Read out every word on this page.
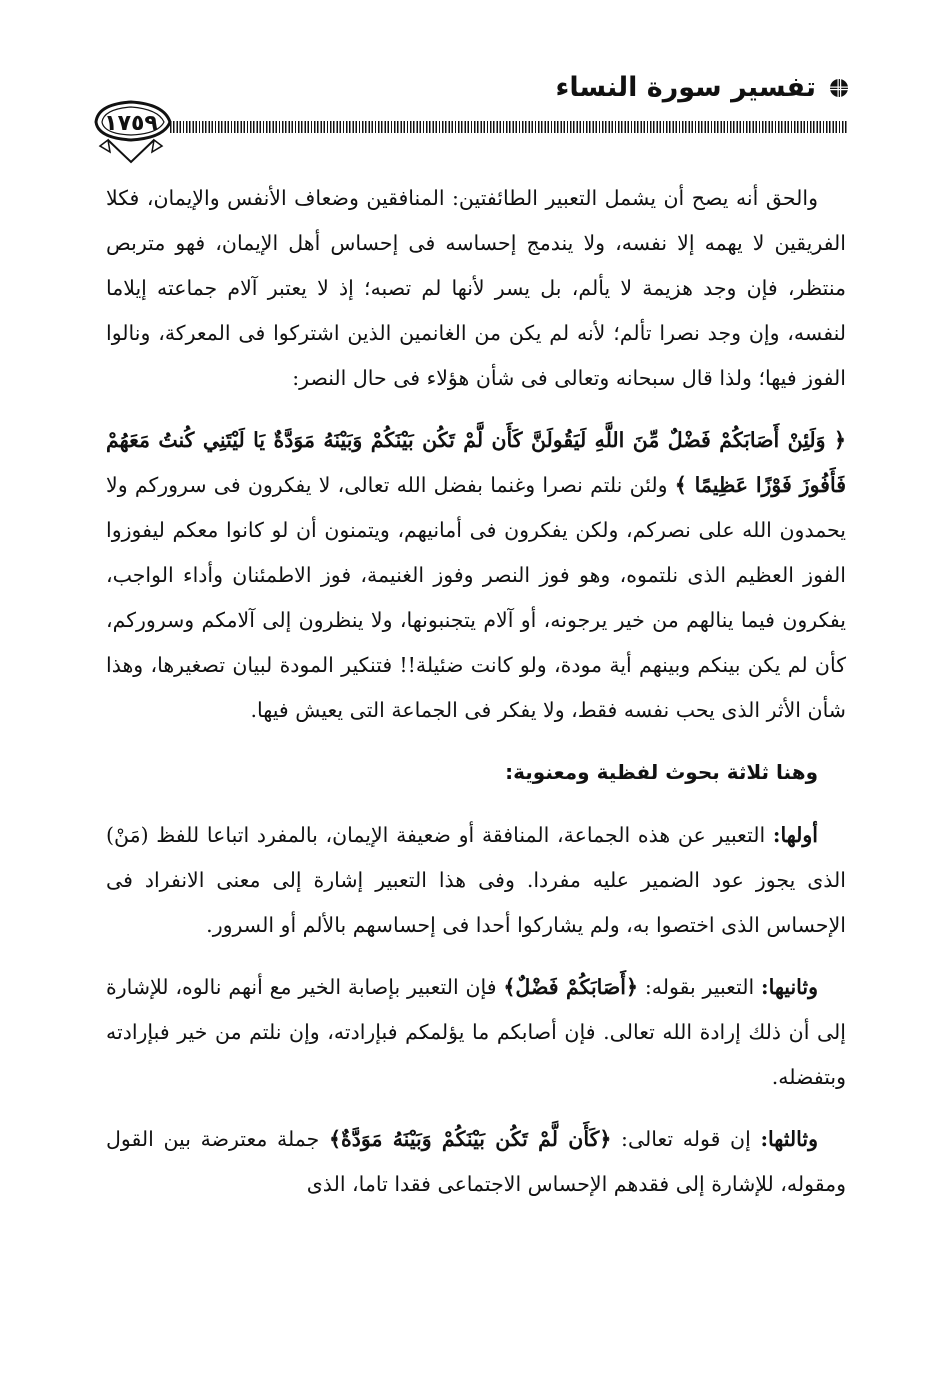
تفسير سورة النساء
١٧٥٩

والحق أنه يصح أن يشمل التعبير الطائفتين: المنافقين وضعاف الأنفس والإيمان، فكلا الفريقين لا يهمه إلا نفسه، ولا يندمج إحساسه فى إحساس أهل الإيمان، فهو متربص منتظر، فإن وجد هزيمة لا يألم، بل يسر لأنها لم تصبه؛ إذ لا يعتبر آلام جماعته إيلاما لنفسه، وإن وجد نصرا تألم؛ لأنه لم يكن من الغانمين الذين اشتركوا فى المعركة، ونالوا الفوز فيها؛ ولذا قال سبحانه وتعالى فى شأن هؤلاء فى حال النصر:

﴿ وَلَئِنْ أَصَابَكُمْ فَضْلٌ مِّنَ اللَّهِ لَيَقُولَنَّ كَأَن لَّمْ تَكُن بَيْنَكُمْ وَبَيْنَهُ مَوَدَّةٌ يَا لَيْتَنِي كُنتُ مَعَهُمْ فَأَفُوزَ فَوْزًا عَظِيمًا ﴾ ولئن نلتم نصرا وغنما بفضل الله تعالى، لا يفكرون فى سروركم ولا يحمدون الله على نصركم، ولكن يفكرون فى أمانيهم، ويتمنون أن لو كانوا معكم ليفوزوا الفوز العظيم الذى نلتموه، وهو فوز النصر وفوز الغنيمة، فوز الاطمئنان وأداء الواجب، يفكرون فيما ينالهم من خير يرجونه، أو آلام يتجنبونها، ولا ينظرون إلى آلامكم وسروركم، كأن لم يكن بينكم وبينهم أية مودة، ولو كانت ضئيلة!! فتنكير المودة لبيان تصغيرها، وهذا شأن الأثر الذى يحب نفسه فقط، ولا يفكر فى الجماعة التى يعيش فيها.

وهنا ثلاثة بحوث لفظية ومعنوية:

أولها: التعبير عن هذه الجماعة، المنافقة أو ضعيفة الإيمان، بالمفرد اتباعا للفظ (مَنْ) الذى يجوز عود الضمير عليه مفردا. وفى هذا التعبير إشارة إلى معنى الانفراد فى الإحساس الذى اختصوا به، ولم يشاركوا أحدا فى إحساسهم بالألم أو السرور.

وثانيها: التعبير بقوله: ﴿أَصَابَكُمْ فَضْلٌ﴾ فإن التعبير بإصابة الخير مع أنهم نالوه، للإشارة إلى أن ذلك إرادة الله تعالى. فإن أصابكم ما يؤلمكم فبإرادته، وإن نلتم من خير فبإرادته وبتفضله.

وثالثها: إن قوله تعالى: ﴿كَأَن لَّمْ تَكُن بَيْنَكُمْ وَبَيْنَهُ مَوَدَّةٌ﴾ جملة معترضة بين القول ومقوله، للإشارة إلى فقدهم الإحساس الاجتماعى فقدا تاما، الذى
